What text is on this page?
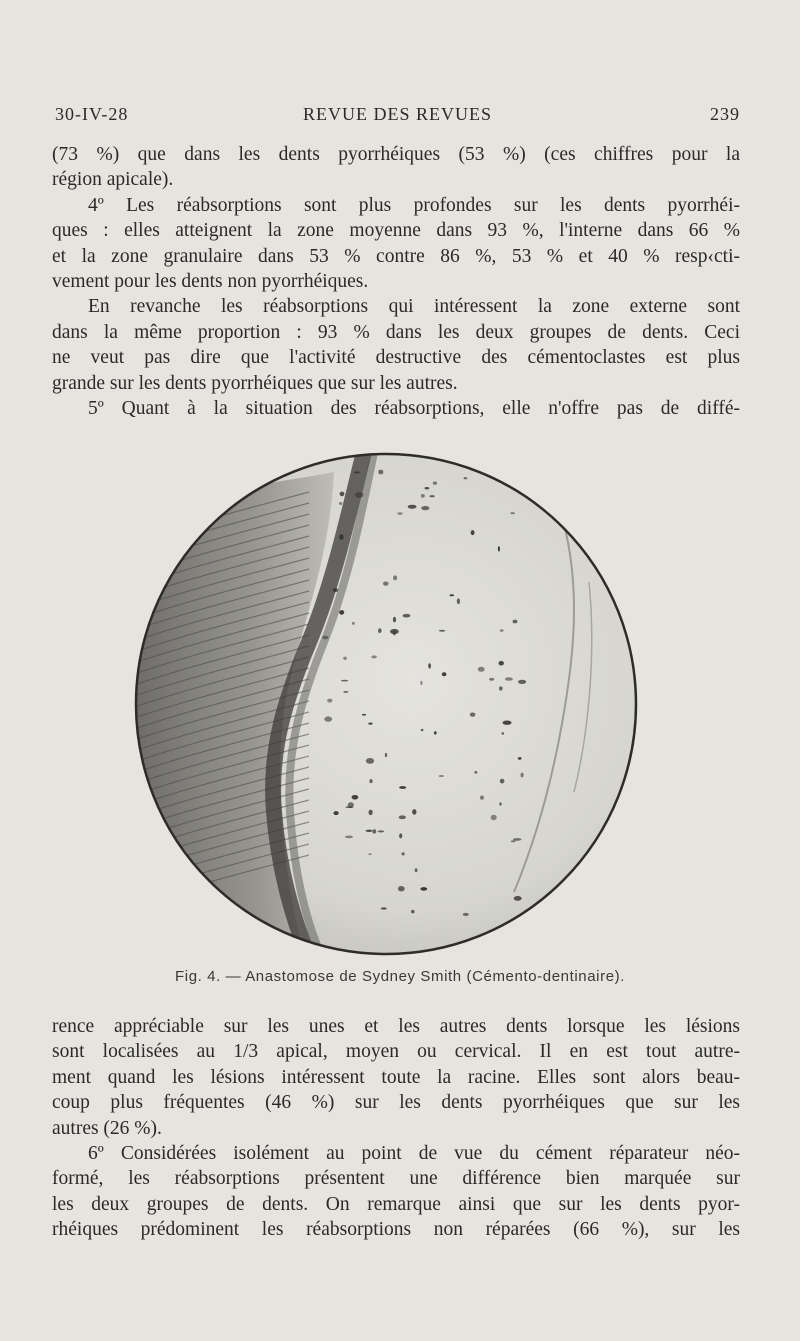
30-IV-28	REVUE DES REVUES	239

(73 %) que dans les dents pyorrhéiques (53 %) (ces chiffres pour la

région apicale).

4º Les réabsorptions sont plus profondes sur les dents pyorrhéi-

ques : elles atteignent la zone moyenne dans 93 %, l'interne dans 66 %

et la zone granulaire dans 53 % contre 86 %, 53 % et 40 % resp‹cti-

vement pour les dents non pyorrhéiques.

En revanche les réabsorptions qui intéressent la zone externe sont

dans la même proportion : 93 % dans les deux groupes de dents. Ceci

ne veut pas dire que l'activité destructive des cémentoclastes est plus

grande sur les dents pyorrhéiques que sur les autres.

5º Quant à la situation des réabsorptions, elle n'offre pas de diffé-

Fig. 4. — Anastomose de Sydney Smith (Cémento-dentinaire).

rence appréciable sur les unes et les autres dents lorsque les lésions

sont localisées au 1/3 apical, moyen ou cervical. Il en est tout autre-

ment quand les lésions intéressent toute la racine. Elles sont alors beau-

coup plus fréquentes (46 %) sur les dents pyorrhéiques que sur les

autres (26 %).

6º Considérées isolément au point de vue du cément réparateur néo-

formé, les réabsorptions présentent une différence bien marquée sur

les deux groupes de dents. On remarque ainsi que sur les dents pyor-

rhéiques prédominent les réabsorptions non réparées (66 %), sur les
